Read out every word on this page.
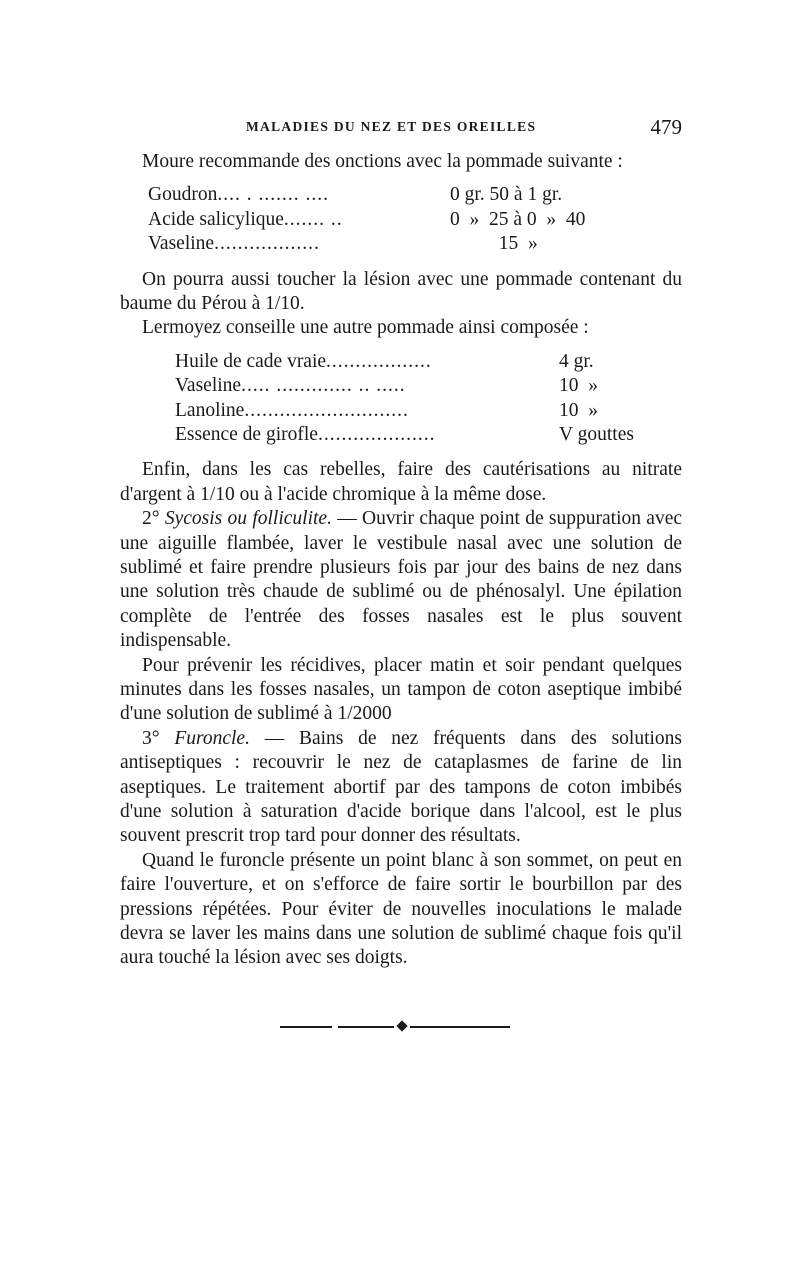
MALADIES DU NEZ ET DES OREILLES	479

Moure recommande des onctions avec la pommade suivante :

Goudron.... . ....... ....	0 gr. 50 à 1 gr.
Acide salicylique....... ..	0  »  25 à 0  »  40
Vaseline..................	15  »

On pourra aussi toucher la lésion avec une pommade contenant du baume du Pérou à 1/10.

Lermoyez conseille une autre pommade ainsi composée :

Huile de cade vraie..................	4 gr.
Vaseline..... ............. .. .....	10  »
Lanoline............................	10  »
Essence de girofle....................	V gouttes

Enfin, dans les cas rebelles, faire des cautérisations au nitrate d'argent à 1/10 ou à l'acide chromique à la même dose.

2° Sycosis ou folliculite. — Ouvrir chaque point de suppuration avec une aiguille flambée, laver le vestibule nasal avec une solution de sublimé et faire prendre plusieurs fois par jour des bains de nez dans une solution très chaude de sublimé ou de phénosalyl. Une épilation complète de l'entrée des fosses nasales est le plus souvent indispensable.

Pour prévenir les récidives, placer matin et soir pendant quelques minutes dans les fosses nasales, un tampon de coton aseptique imbibé d'une solution de sublimé à 1/2000

3° Furoncle. — Bains de nez fréquents dans des solutions antiseptiques : recouvrir le nez de cataplasmes de farine de lin aseptiques. Le traitement abortif par des tampons de coton imbibés d'une solution à saturation d'acide borique dans l'alcool, est le plus souvent prescrit trop tard pour donner des résultats.

Quand le furoncle présente un point blanc à son sommet, on peut en faire l'ouverture, et on s'efforce de faire sortir le bourbillon par des pressions répétées. Pour éviter de nouvelles inoculations le malade devra se laver les mains dans une solution de sublimé chaque fois qu'il aura touché la lésion avec ses doigts.
